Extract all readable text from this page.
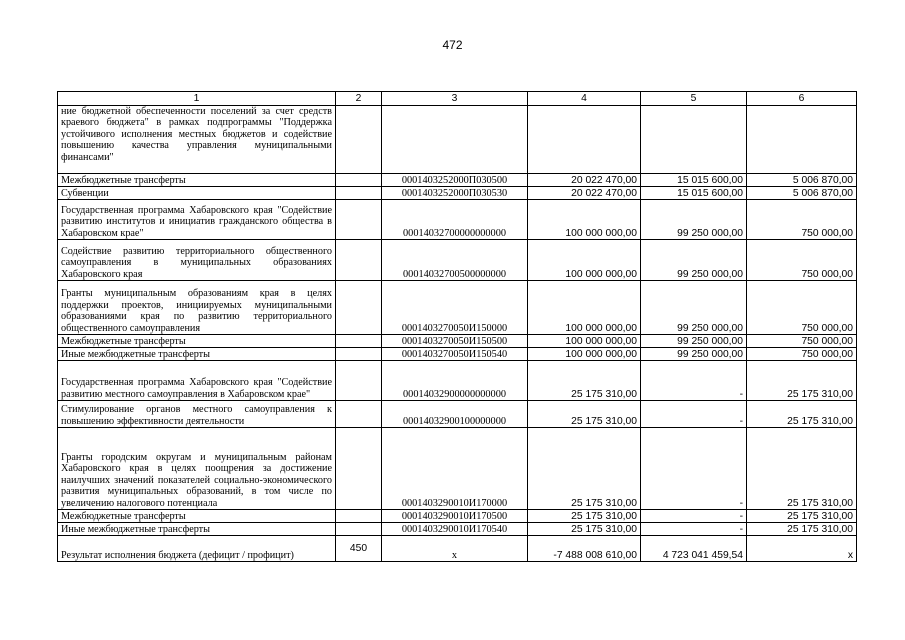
472
1	2	3	4	5	6
ние бюджетной обеспеченности поселений за счет средств краевого бюджета" в рамках подпрограммы "Поддержка устойчивого исполнения местных бюджетов и содействие повышению качества управления муниципальными финансами"					
Межбюджетные трансферты		0001403252000П030500	20 022 470,00	15 015 600,00	5 006 870,00
Субвенции		0001403252000П030530	20 022 470,00	15 015 600,00	5 006 870,00
Государственная программа Хабаровского края "Содействие развитию институтов и инициатив гражданского общества в Хабаровском крае"		00014032700000000000	100 000 000,00	99 250 000,00	750 000,00
Содействие развитию территориального общественного самоуправления в муниципальных образованиях Хабаровского края		00014032700500000000	100 000 000,00	99 250 000,00	750 000,00
Гранты муниципальным образованиям края в целях поддержки проектов, инициируемых муниципальными образованиями края по развитию территориального общественного самоуправления		0001403270050И150000	100 000 000,00	99 250 000,00	750 000,00
Межбюджетные трансферты		0001403270050И150500	100 000 000,00	99 250 000,00	750 000,00
Иные межбюджетные трансферты		0001403270050И150540	100 000 000,00	99 250 000,00	750 000,00
Государственная программа Хабаровского края "Содействие развитию местного самоуправления в Хабаровском крае"		00014032900000000000	25 175 310,00	-	25 175 310,00
Стимулирование органов местного самоуправления к повышению эффективности деятельности		00014032900100000000	25 175 310,00	-	25 175 310,00
Гранты городским округам и муниципальным районам Хабаровского края в целях поощрения за достижение наилучших значений показателей социально-экономического развития муниципальных образований, в том числе по увеличению налогового потенциала		0001403290010И170000	25 175 310,00	-	25 175 310,00
Межбюджетные трансферты		0001403290010И170500	25 175 310,00	-	25 175 310,00
Иные межбюджетные трансферты		0001403290010И170540	25 175 310,00	-	25 175 310,00
Результат исполнения бюджета (дефицит / профицит)	450	x	-7 488 008 610,00	4 723 041 459,54	x
